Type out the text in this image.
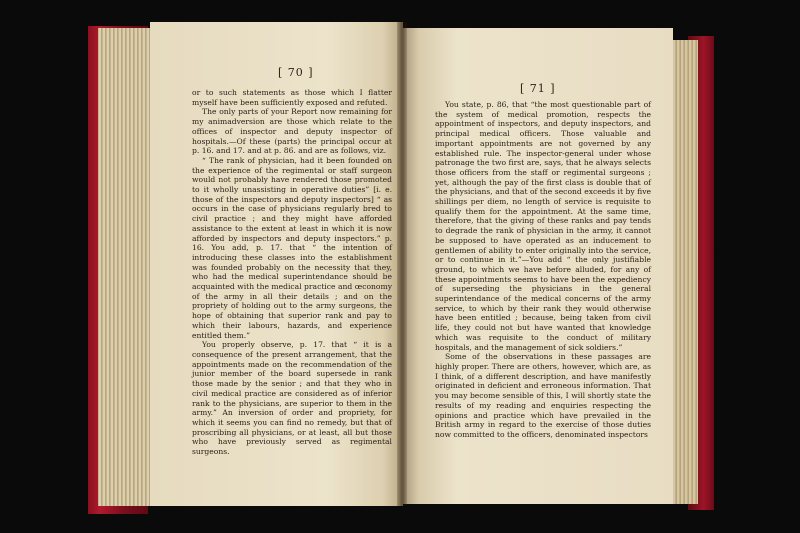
[ 70 ]

or to such statements as those which I flatter myself have been sufficiently exposed and refuted.

The only parts of your Report now remaining for my animadversion are those which relate to the offices of inspector and deputy inspector of hospitals.—Of these (parts) the principal occur at p. 16. and 17. and at p. 86. and are as follows, viz.

“ The rank of physician, had it been founded on the experience of the regimental or staff surgeon would not probably have rendered those promoted to it wholly unassisting in operative duties” [i. e. those of the inspectors and deputy inspectors] “ as occurs in the case of physicians regularly bred to civil practice ; and they might have afforded assistance to the extent at least in which it is now afforded by inspectors and deputy inspectors.” p. 16. You add, p. 17. that “ the intention of introducing these classes into the establishment was founded probably on the necessity that they, who had the medical superintendance should be acquainted with the medical practice and œconomy of the army in all their details ; and on the propriety of holding out to the army surgeons, the hope of obtaining that superior rank and pay to which their labours, hazards, and experience entitled them.”

You properly observe, p. 17. that “ it is a consequence of the present arrangement, that the appointments made on the recommendation of the junior member of the board supersede in rank those made by the senior ; and that they who in civil medical practice are considered as of inferior rank to the physicians, are superior to them in the army.” An inversion of order and propriety, for which it seems you can find no remedy, but that of proscribing all physicians, or at least, all but those who have previously served as regimental surgeons.

[ 71 ]

You state, p. 86, that “the most questionable part of the system of medical promotion, respects the appointment of inspectors, and deputy inspectors, and principal medical officers. Those valuable and important appointments are not governed by any established rule. The inspector-general under whose patronage the two first are, says, that he always selects those officers from the staff or regimental surgeons ; yet, although the pay of the first class is double that of the physicians, and that of the second exceeds it by five shillings per diem, no length of service is requisite to qualify them for the appointment. At the same time, therefore, that the giving of these ranks and pay tends to degrade the rank of physician in the army, it cannot be supposed to have operated as an inducement to gentlemen of ability to enter originally into the service, or to continue in it.”—You add “ the only justifiable ground, to which we have before alluded, for any of these appointments seems to have been the expediency of superseding the physicians in the general superintendance of the medical concerns of the army service, to which by their rank they would otherwise have been entitled ; because, being taken from civil life, they could not but have wanted that knowledge which was requisite to the conduct of military hospitals, and the management of sick soldiers.”

Some of the observations in these passages are highly proper. There are others, however, which are, as I think, of a different description, and have manifestly originated in deficient and erroneous information. That you may become sensible of this, I will shortly state the results of my reading and enquiries respecting the opinions and practice which have prevailed in the British army in regard to the exercise of those duties now committed to the officers, denominated inspectors
